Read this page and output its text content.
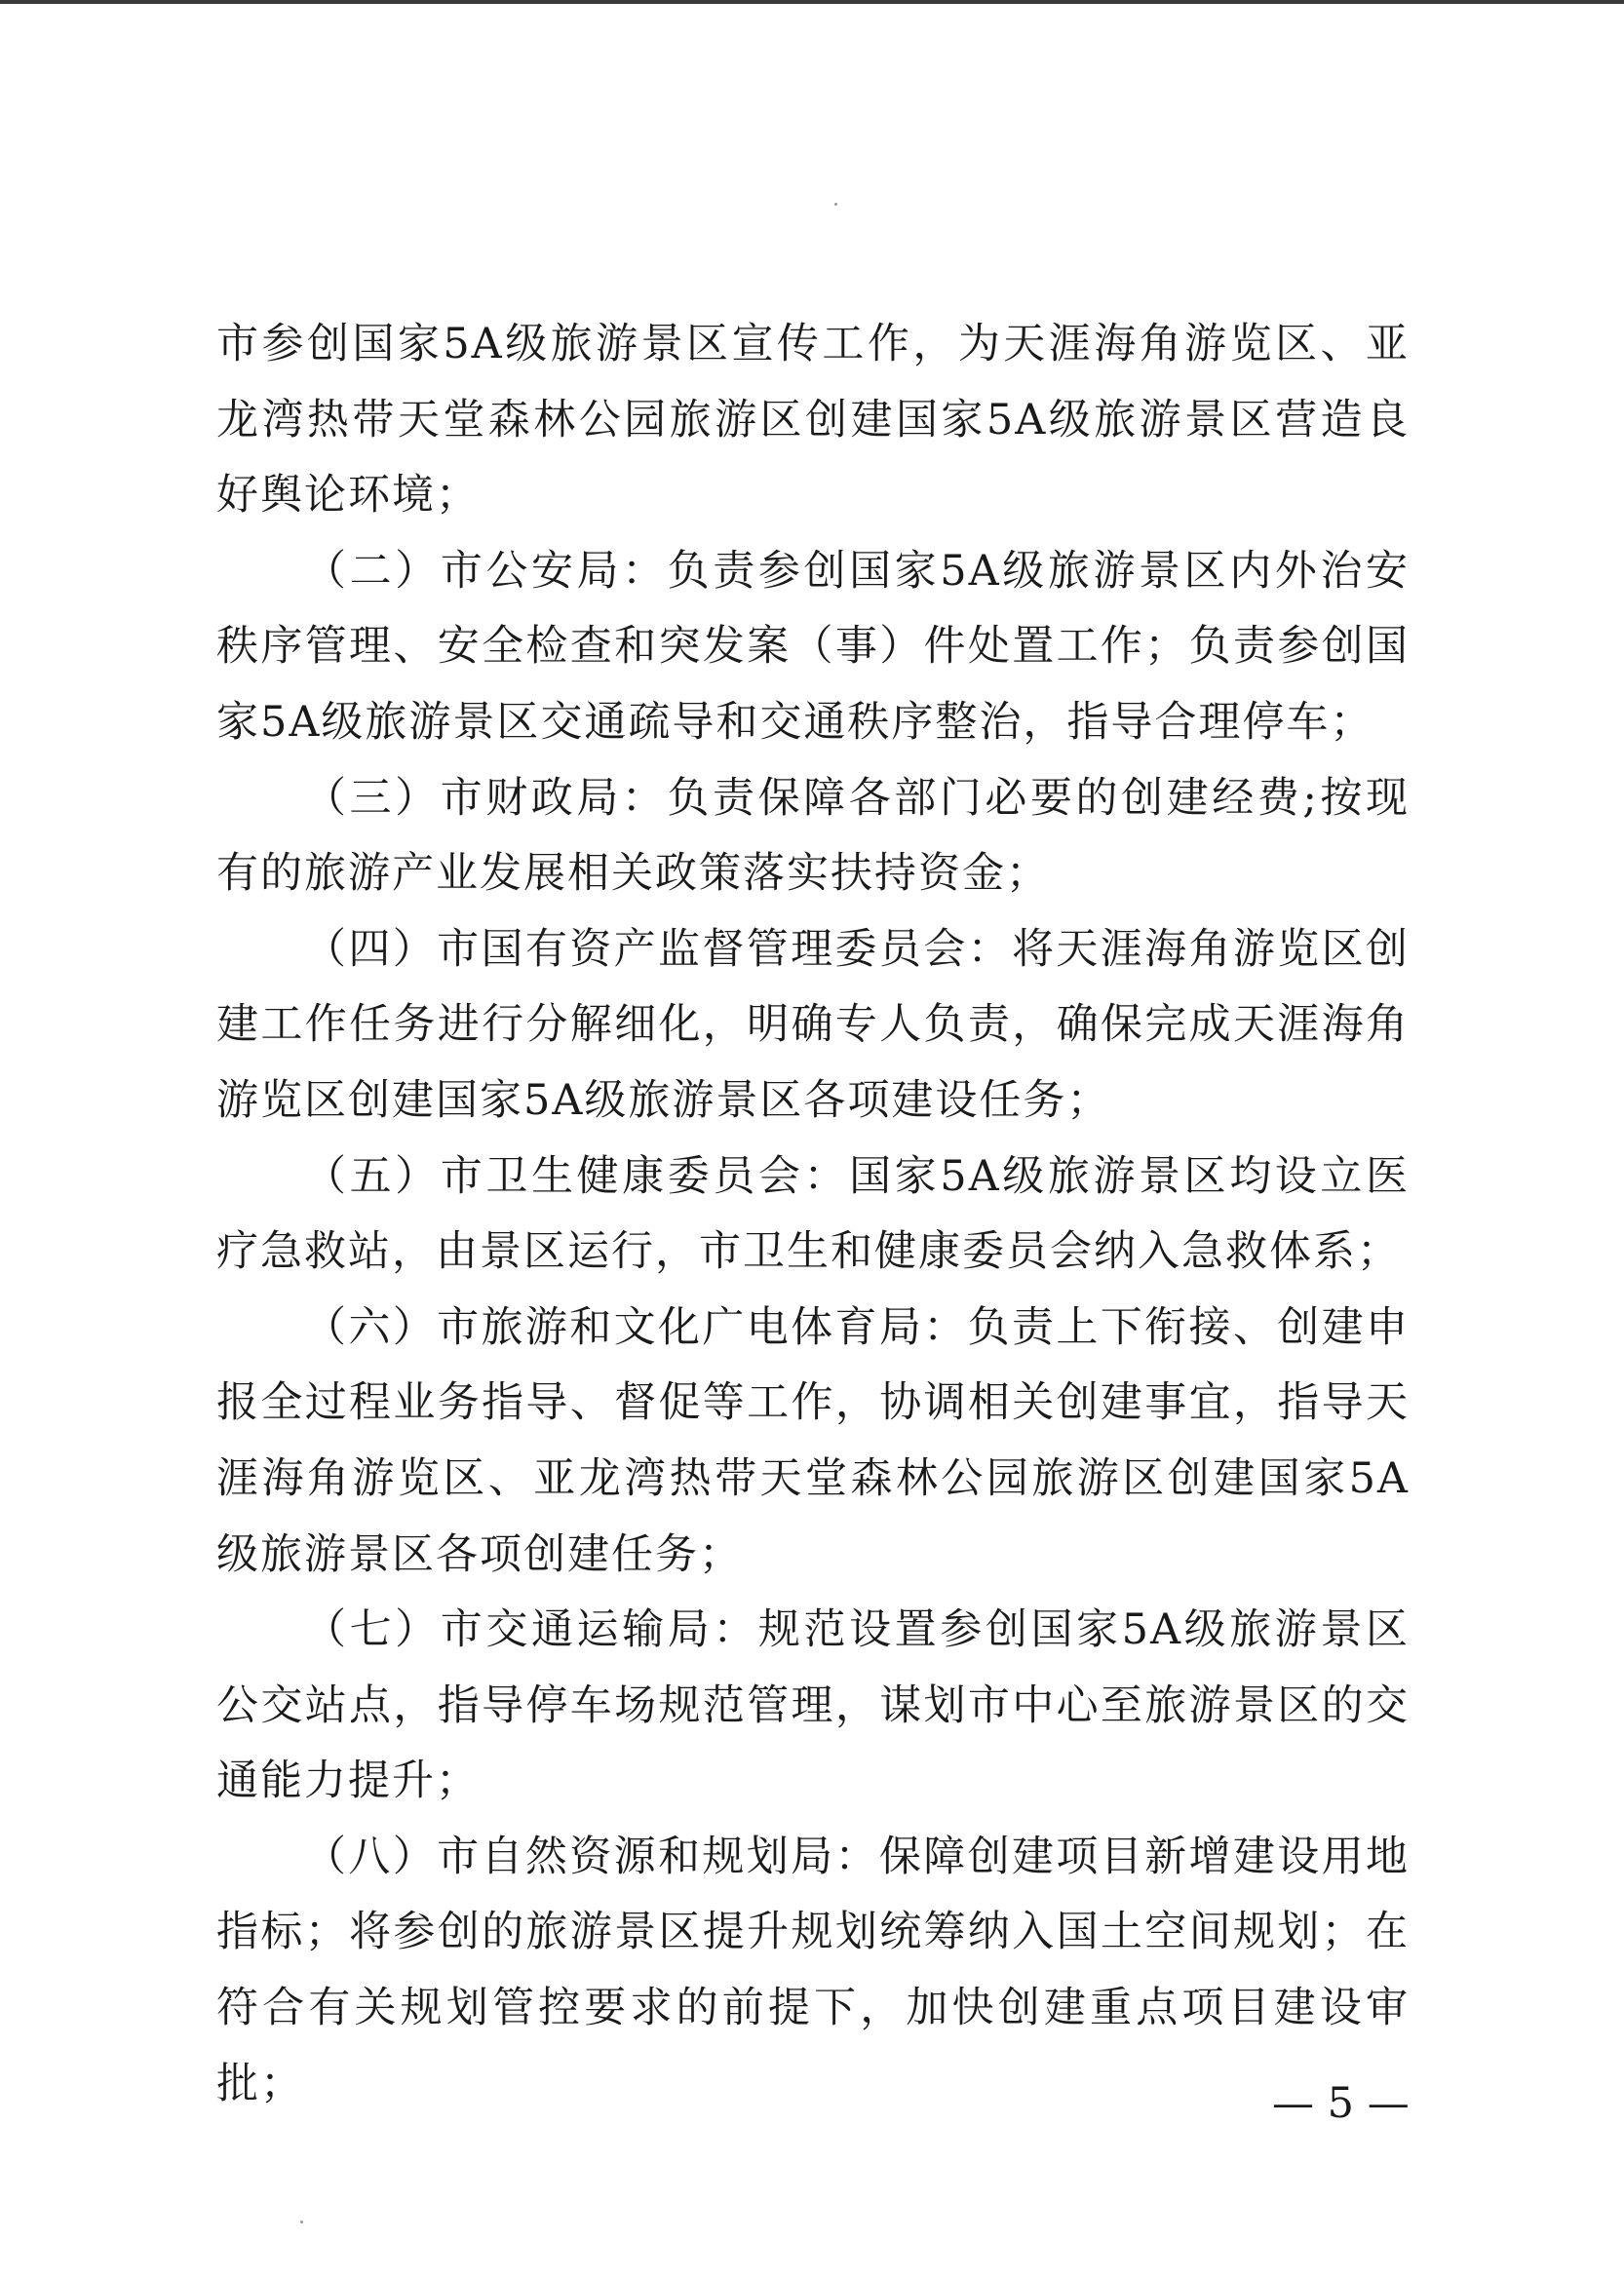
市参创国家5A级旅游景区宣传工作，为天涯海角游览区、亚龙湾热带天堂森林公园旅游区创建国家5A级旅游景区营造良好舆论环境；

（二）市公安局：负责参创国家5A级旅游景区内外治安秩序管理、安全检查和突发案（事）件处置工作；负责参创国家5A级旅游景区交通疏导和交通秩序整治，指导合理停车；

（三）市财政局：负责保障各部门必要的创建经费;按现有的旅游产业发展相关政策落实扶持资金；

（四）市国有资产监督管理委员会：将天涯海角游览区创建工作任务进行分解细化，明确专人负责，确保完成天涯海角游览区创建国家5A级旅游景区各项建设任务；

（五）市卫生健康委员会：国家5A级旅游景区均设立医疗急救站，由景区运行，市卫生和健康委员会纳入急救体系；

（六）市旅游和文化广电体育局：负责上下衔接、创建申报全过程业务指导、督促等工作，协调相关创建事宜，指导天涯海角游览区、亚龙湾热带天堂森林公园旅游区创建国家5A级旅游景区各项创建任务；

（七）市交通运输局：规范设置参创国家5A级旅游景区公交站点，指导停车场规范管理，谋划市中心至旅游景区的交通能力提升；

（八）市自然资源和规划局：保障创建项目新增建设用地指标；将参创的旅游景区提升规划统筹纳入国土空间规划；在符合有关规划管控要求的前提下，加快创建重点项目建设审批；	— 5 —
